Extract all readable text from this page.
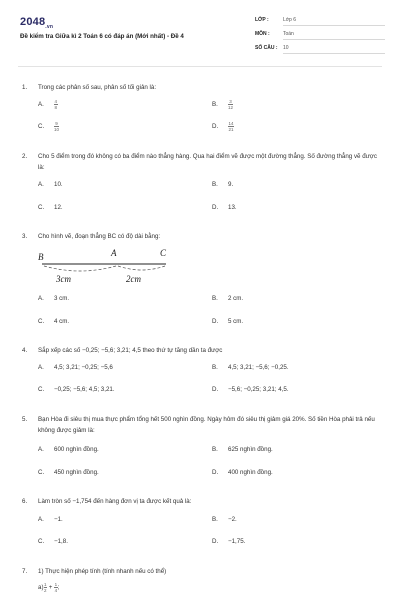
$2048_{.vn}$
Đề kiểm tra Giữa kì 2 Toán 6 có đáp án (Mới nhất) - Đề 4
LỚP :	Lớp 6
MÔN :	Toán
SỐ CÂU : 10
1. Trong các phân số sau, phân số tối giản là:
A. $\frac{4}{8}$	B. $\frac{3}{12}$
C. $\frac{9}{10}$	D. $\frac{14}{21}$
2. Cho 5 điểm trong đó không có ba điểm nào thẳng hàng. Qua hai điểm vẽ được một đường thẳng. Số đường thẳng vẽ được là:
A. 10.	B. 9.
C. 12.	D. 13.
3. Cho hình vẽ, đoạn thẳng BC có độ dài bằng:
B	A	C
3cm	2cm
A. 3 cm.	B. 2 cm.
C. 4 cm.	D. 5 cm.
4. Sắp xếp các số −0,25; −5,6; 3,21; 4,5 theo thứ tự tăng dần ta được
A. 4,5; 3,21; −0,25; −5,6	B. 4,5; 3,21; −5,6; −0,25.
C. −0,25; −5,6; 4,5; 3,21.	D. −5,6; −0,25; 3,21; 4,5.
5. Bạn Hòa đi siêu thị mua thực phẩm tổng hết 500 nghìn đồng. Ngày hôm đó siêu thị giảm giá 20%. Số tiền Hòa phải trả nếu không được giảm là:
A. 600 nghìn đồng.	B. 625 nghìn đồng.
C. 450 nghìn đồng.	D. 400 nghìn đồng.
6. Làm tròn số −1,754 đến hàng đơn vị ta được kết quả là:
A. −1.	B. −2.
C. −1,8.	D. −1,75.
7. 1) Thực hiện phép tính (tính nhanh nếu có thể)
$a) \frac{1}{2} + \frac{1}{4}$ ;
